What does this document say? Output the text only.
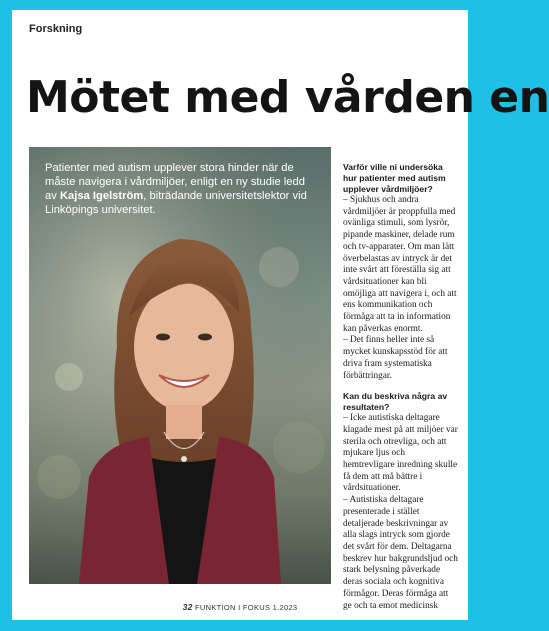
Forskning
Mötet med vården en
Patienter med autism upplever stora hinder när de måste navigera i vårdmiljöer, enligt en ny studie ledd av Kajsa Igelström, biträdande universitetslektor vid Linköpings universitet.

Varför ville ni undersöka hur patienter med autism upplever vårdmiljöer?

– Sjukhus och andra vårdmiljöer är proppfulla med ovänliga stimuli, som lysrör, pipande maskiner, delade rum och tv-apparater. Om man lätt överbelastas av intryck är det inte svårt att föreställa sig att vårdsituationer kan bli omöjliga att navigera i, och att ens kommunikation och förmåga att ta in information kan påverkas enormt.

– Det finns heller inte så mycket kunskapsstöd för att driva fram systematiska förbättringar.

Kan du beskriva några av resultaten?

– Icke autistiska deltagare klagade mest på att miljöer var sterila och otrevliga, och att mjukare ljus och hemtrevligare inredning skulle få dem att må bättre i vårdsituationer.

– Autistiska deltagare presenterade i stället detaljerade beskrivningar av alla slags intryck som gjorde det svårt för dem. Deltagarna beskrev hur bakgrundsljud och stark belysning påverkade deras sociala och kognitiva förmågor. Deras förmåga att ge och ta emot medicinsk

32 FUNKTION I FOKUS 1.2023
